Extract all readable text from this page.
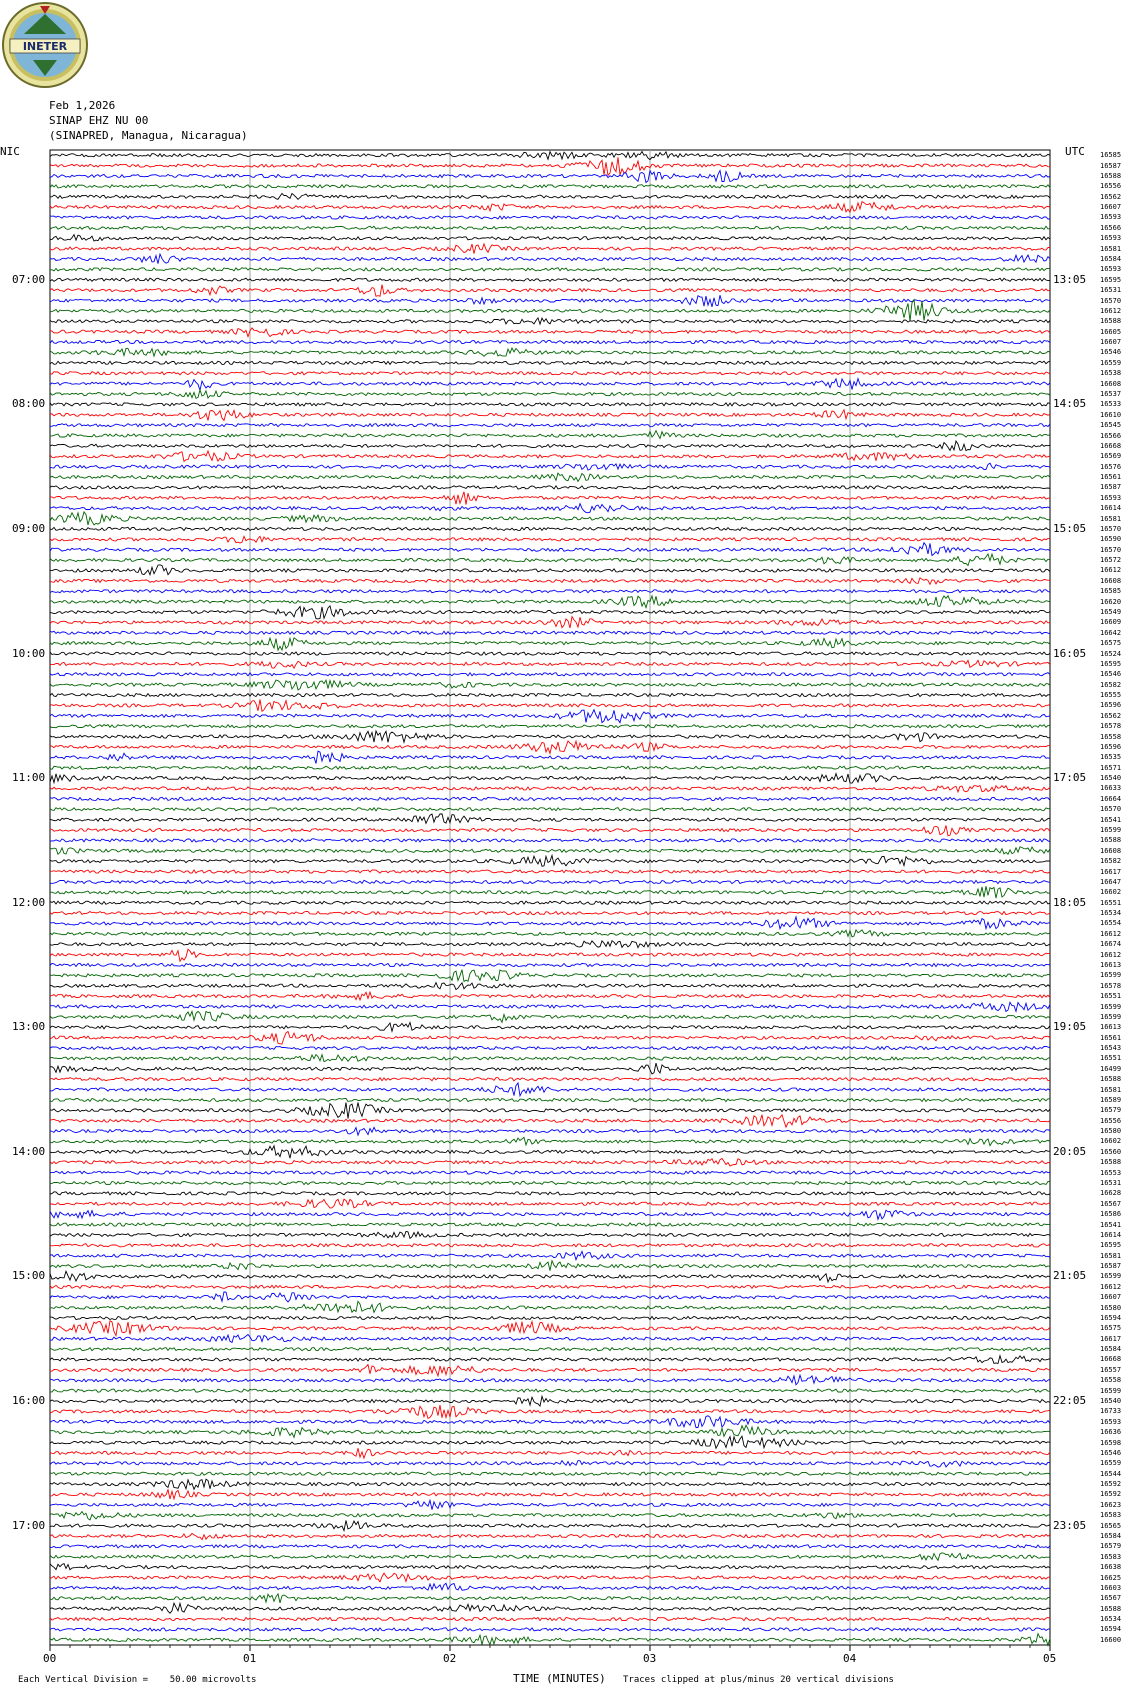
INETER
Feb 1,2026
SINAP EHZ NU 00
(SINAPRED, Managua, Nicaragua)
NIC	UTC
00	01	02	03	04	05
16585
16587
16588
16556
16562
16607
16593
16566
16593
16581
16584
16593
16595
16531
16570
16612
16588
16605
16607
16546
16559
16538
16608
16537
16533
16610
16545
16566
16668
16569
16576
16561
16587
16593
16614
16581
16570
16590
16570
16572
16612
16608
16585
16620
16549
16609
16642
16575
16524
16595
16546
16582
16555
16596
16562
16578
16558
16596
16535
16571
16540
16633
16664
16570
16541
16599
16588
16608
16582
16617
16647
16602
16551
16534
16554
16612
16674
16612
16613
16599
16578
16551
16599
16599
16613
16561
16543
16551
16499
16588
16581
16589
16579
16556
16580
16602
16560
16588
16553
16531
16628
16567
16586
16541
16614
16595
16581
16587
16599
16612
16607
16580
16594
16575
16617
16584
16668
16557
16558
16599
16540
16733
16593
16636
16598
16546
16559
16544
16592
16592
16623
16583
16565
16584
16579
16583
16638
16625
16603
16567
16588
16534
16594
16600
07:00	13:05
08:00	14:05
09:00	15:05
10:00	16:05
11:00	17:05
12:00	18:05
13:00	19:05
14:00	20:05
15:00	21:05
16:00	22:05
17:00	23:05
Each Vertical Division =    50.00 microvolts	TIME (MINUTES) Traces clipped at plus/minus 20 vertical divisions
